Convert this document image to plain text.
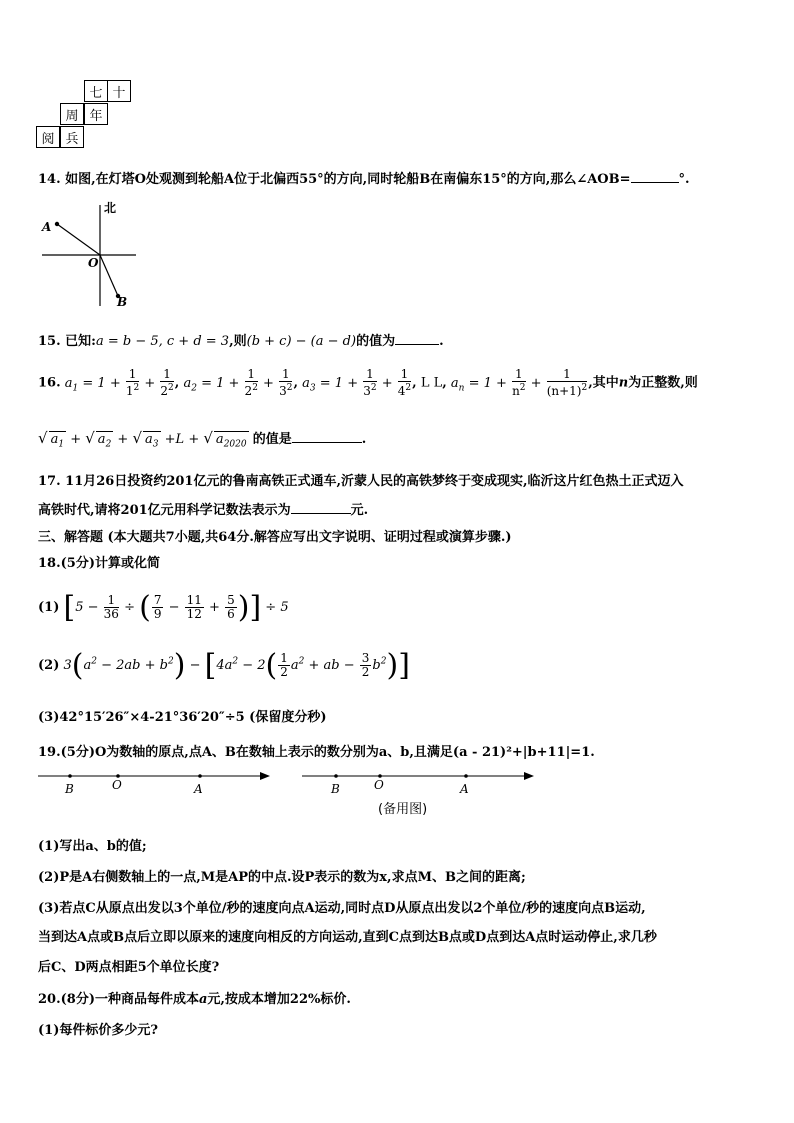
七 十
周 年
阅 兵
14. 如图,在灯塔O处观测到轮船A位于北偏西55°的方向,同时轮船B在南偏东15°的方向,那么∠AOB=	°.
北
A
O
B
15. 已知:a = b − 5, c + d = 3,则(b + c) − (a − d)的值为	.
16. $a_1 = 1 + \frac{1}{1^2} + \frac{1}{2^2}$ , $a_2 = 1 + \frac{1}{2^2} + \frac{1}{3^2}$ , $a_3 = 1 + \frac{1}{3^2} + \frac{1}{4^2}$ , L L, $a_n = 1 + \frac{1}{n^2} + \frac{1}{(n+1)^2}$ ,其中n为正整数,则
√ $a_1$ + √ $a_2$ + √ $a_3 +L$ + √ $a_{2020}$ 的值是	.
17. 11月26日投资约201亿元的鲁南高铁正式通车,沂蒙人民的高铁梦终于变成现实,临沂这片红色热土正式迈入
高铁时代,请将201亿元用科学记数法表示为	元.
三、解答题 (本大题共7小题,共64分.解答应写出文字说明、证明过程或演算步骤.)
18.(5分)计算或化简
(1) [$5 - \frac{1}{36}$ ÷ ( $\frac{7}{9} - \frac{11}{12} + \frac{5}{6}$ )] ÷ 5
(2) $3(a^2 - 2ab + b^2) - [4a^2 - 2( \frac{1}{2} a^2$ + ab − $\frac{3}{2} b^2$)]
(3)42°15′26″×4-21°36′20″÷5 (保留度分秒)
19.(5分)O为数轴的原点,点A、B在数轴上表示的数分别为a、b,且满足(a - 21)²+|b+11|=1.
B	O	A	B	O	A
(备用图)
(1)写出a、b的值;
(2)P是A右侧数轴上的一点,M是AP的中点.设P表示的数为x,求点M、B之间的距离;
(3)若点C从原点出发以3个单位/秒的速度向点A运动,同时点D从原点出发以2个单位/秒的速度向点B运动,
当到达A点或B点后立即以原来的速度向相反的方向运动,直到C点到达B点或D点到达A点时运动停止,求几秒
后C、D两点相距5个单位长度?
20.(8分)一种商品每件成本a元,按成本增加22%标价.
(1)每件标价多少元?
